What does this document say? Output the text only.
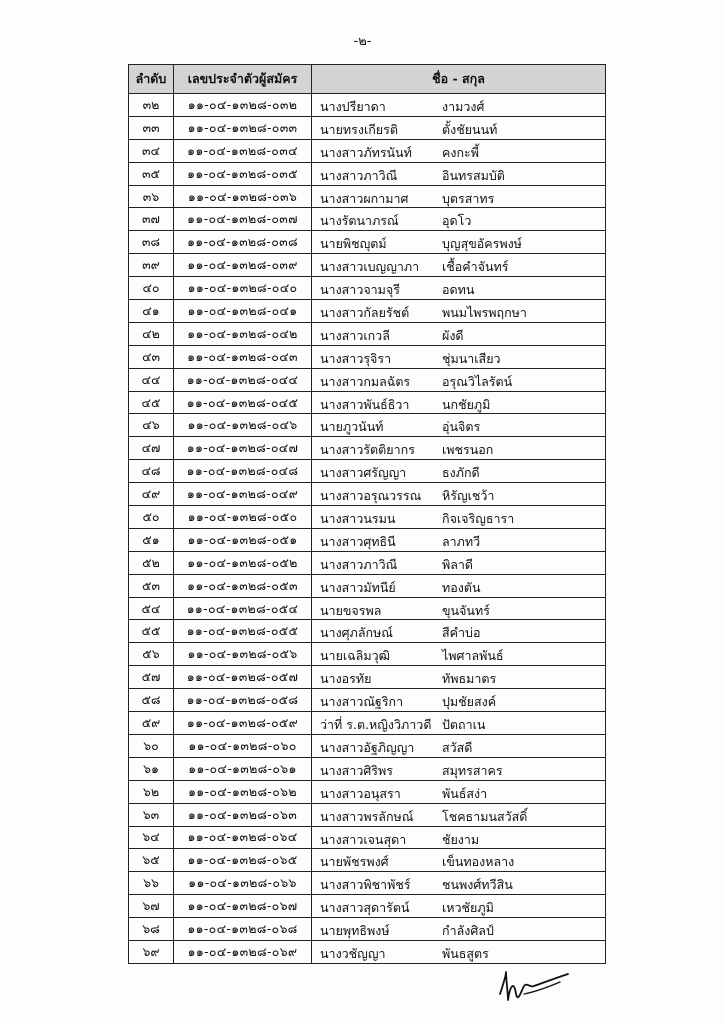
-๒-
ลำดับ	เลขประจำตัวผู้สมัคร	ชื่อ - สกุล
๓๒	๑๑-๐๔-๑๓๒๘-๐๓๒	นางปรียาดา งามวงศ์

๓๓	๑๑-๐๔-๑๓๒๘-๐๓๓	นายทรงเกียรติ ตั้งชัยนนท์

๓๔	๑๑-๐๔-๑๓๒๘-๐๓๔	นางสาวภัทรนันท์ คงกะพี้

๓๕	๑๑-๐๔-๑๓๒๘-๐๓๕	นางสาวภาวิณี อินทรสมบัติ

๓๖	๑๑-๐๔-๑๓๒๘-๐๓๖	นางสาวผกามาศ บุตรสาทร

๓๗	๑๑-๐๔-๑๓๒๘-๐๓๗	นางรัตนาภรณ์ อุดโว

๓๘	๑๑-๐๔-๑๓๒๘-๐๓๘	นายพิชญุตม์ บุญสุขอัครพงษ์

๓๙	๑๑-๐๔-๑๓๒๘-๐๓๙	นางสาวเบญญาภา เชื้อคำจันทร์

๔๐	๑๑-๐๔-๑๓๒๘-๐๔๐	นางสาวจามจุรี อดทน

๔๑	๑๑-๐๔-๑๓๒๘-๐๔๑	นางสาวกัลยรัชต์ พนมไพรพฤกษา

๔๒	๑๑-๐๔-๑๓๒๘-๐๔๒	นางสาวเกวลี ผังดี

๔๓	๑๑-๐๔-๑๓๒๘-๐๔๓	นางสาวรุจิรา ชุ่มนาเสียว

๔๔	๑๑-๐๔-๑๓๒๘-๐๔๔	นางสาวกมลฉัตร อรุณวิไลรัตน์

๔๕	๑๑-๐๔-๑๓๒๘-๐๔๕	นางสาวพันธ์ธิวา นกชัยภูมิ

๔๖	๑๑-๐๔-๑๓๒๘-๐๔๖	นายภูวนันท์ อุ่นจิตร

๔๗	๑๑-๐๔-๑๓๒๘-๐๔๗	นางสาวรัตติยากร เพชรนอก

๔๘	๑๑-๐๔-๑๓๒๘-๐๔๘	นางสาวศรัญญา ธงภักดี

๔๙	๑๑-๐๔-๑๓๒๘-๐๔๙	นางสาวอรุณวรรณ หิรัญเชว้า

๕๐	๑๑-๐๔-๑๓๒๘-๐๕๐	นางสาวนรมน กิจเจริญธารา

๕๑	๑๑-๐๔-๑๓๒๘-๐๕๑	นางสาวศุทธินี ลาภทวี

๕๒	๑๑-๐๔-๑๓๒๘-๐๕๒	นางสาวภาวิณี พิลาดี

๕๓	๑๑-๐๔-๑๓๒๘-๐๕๓	นางสาวมัทนีย์ ทองตัน

๕๔	๑๑-๐๔-๑๓๒๘-๐๕๔	นายขจรพล ขุนจันทร์

๕๕	๑๑-๐๔-๑๓๒๘-๐๕๕	นางศุภลักษณ์ สีคำบ่อ

๕๖	๑๑-๐๔-๑๓๒๘-๐๕๖	นายเฉลิมวุฒิ ไพศาลพันธ์

๕๗	๑๑-๐๔-๑๓๒๘-๐๕๗	นางอรทัย ทัพธมาตร

๕๘	๑๑-๐๔-๑๓๒๘-๐๕๘	นางสาวณัฐริกา ปุมชัยสงค์

๕๙	๑๑-๐๔-๑๓๒๘-๐๕๙	ว่าที่ ร.ต.หญิงวิภาวดี ปัตถาเน

๖๐	๑๑-๐๔-๑๓๒๘-๐๖๐	นางสาวอัฐภิญญา สวัสดี

๖๑	๑๑-๐๔-๑๓๒๘-๐๖๑	นางสาวศิริพร สมุทรสาคร

๖๒	๑๑-๐๔-๑๓๒๘-๐๖๒	นางสาวอนุสรา พันธ์สง่า

๖๓	๑๑-๐๔-๑๓๒๘-๐๖๓	นางสาวพรลักษณ์ โชคธามนสวัสดิ์

๖๔	๑๑-๐๔-๑๓๒๘-๐๖๔	นางสาวเจนสุดา ชัยงาม

๖๕	๑๑-๐๔-๑๓๒๘-๐๖๕	นายพัชรพงศ์ เข็นทองหลาง

๖๖	๑๑-๐๔-๑๓๒๘-๐๖๖	นางสาวพิชาพัชร์ ชนพงศ์ทวีสิน

๖๗	๑๑-๐๔-๑๓๒๘-๐๖๗	นางสาวสุดารัตน์ เหวชัยภูมิ

๖๘	๑๑-๐๔-๑๓๒๘-๐๖๘	นายพุทธิพงษ์ กำลังศิลป์

๖๙	๑๑-๐๔-๑๓๒๘-๐๖๙	นางวชัญญา พันธสูตร
